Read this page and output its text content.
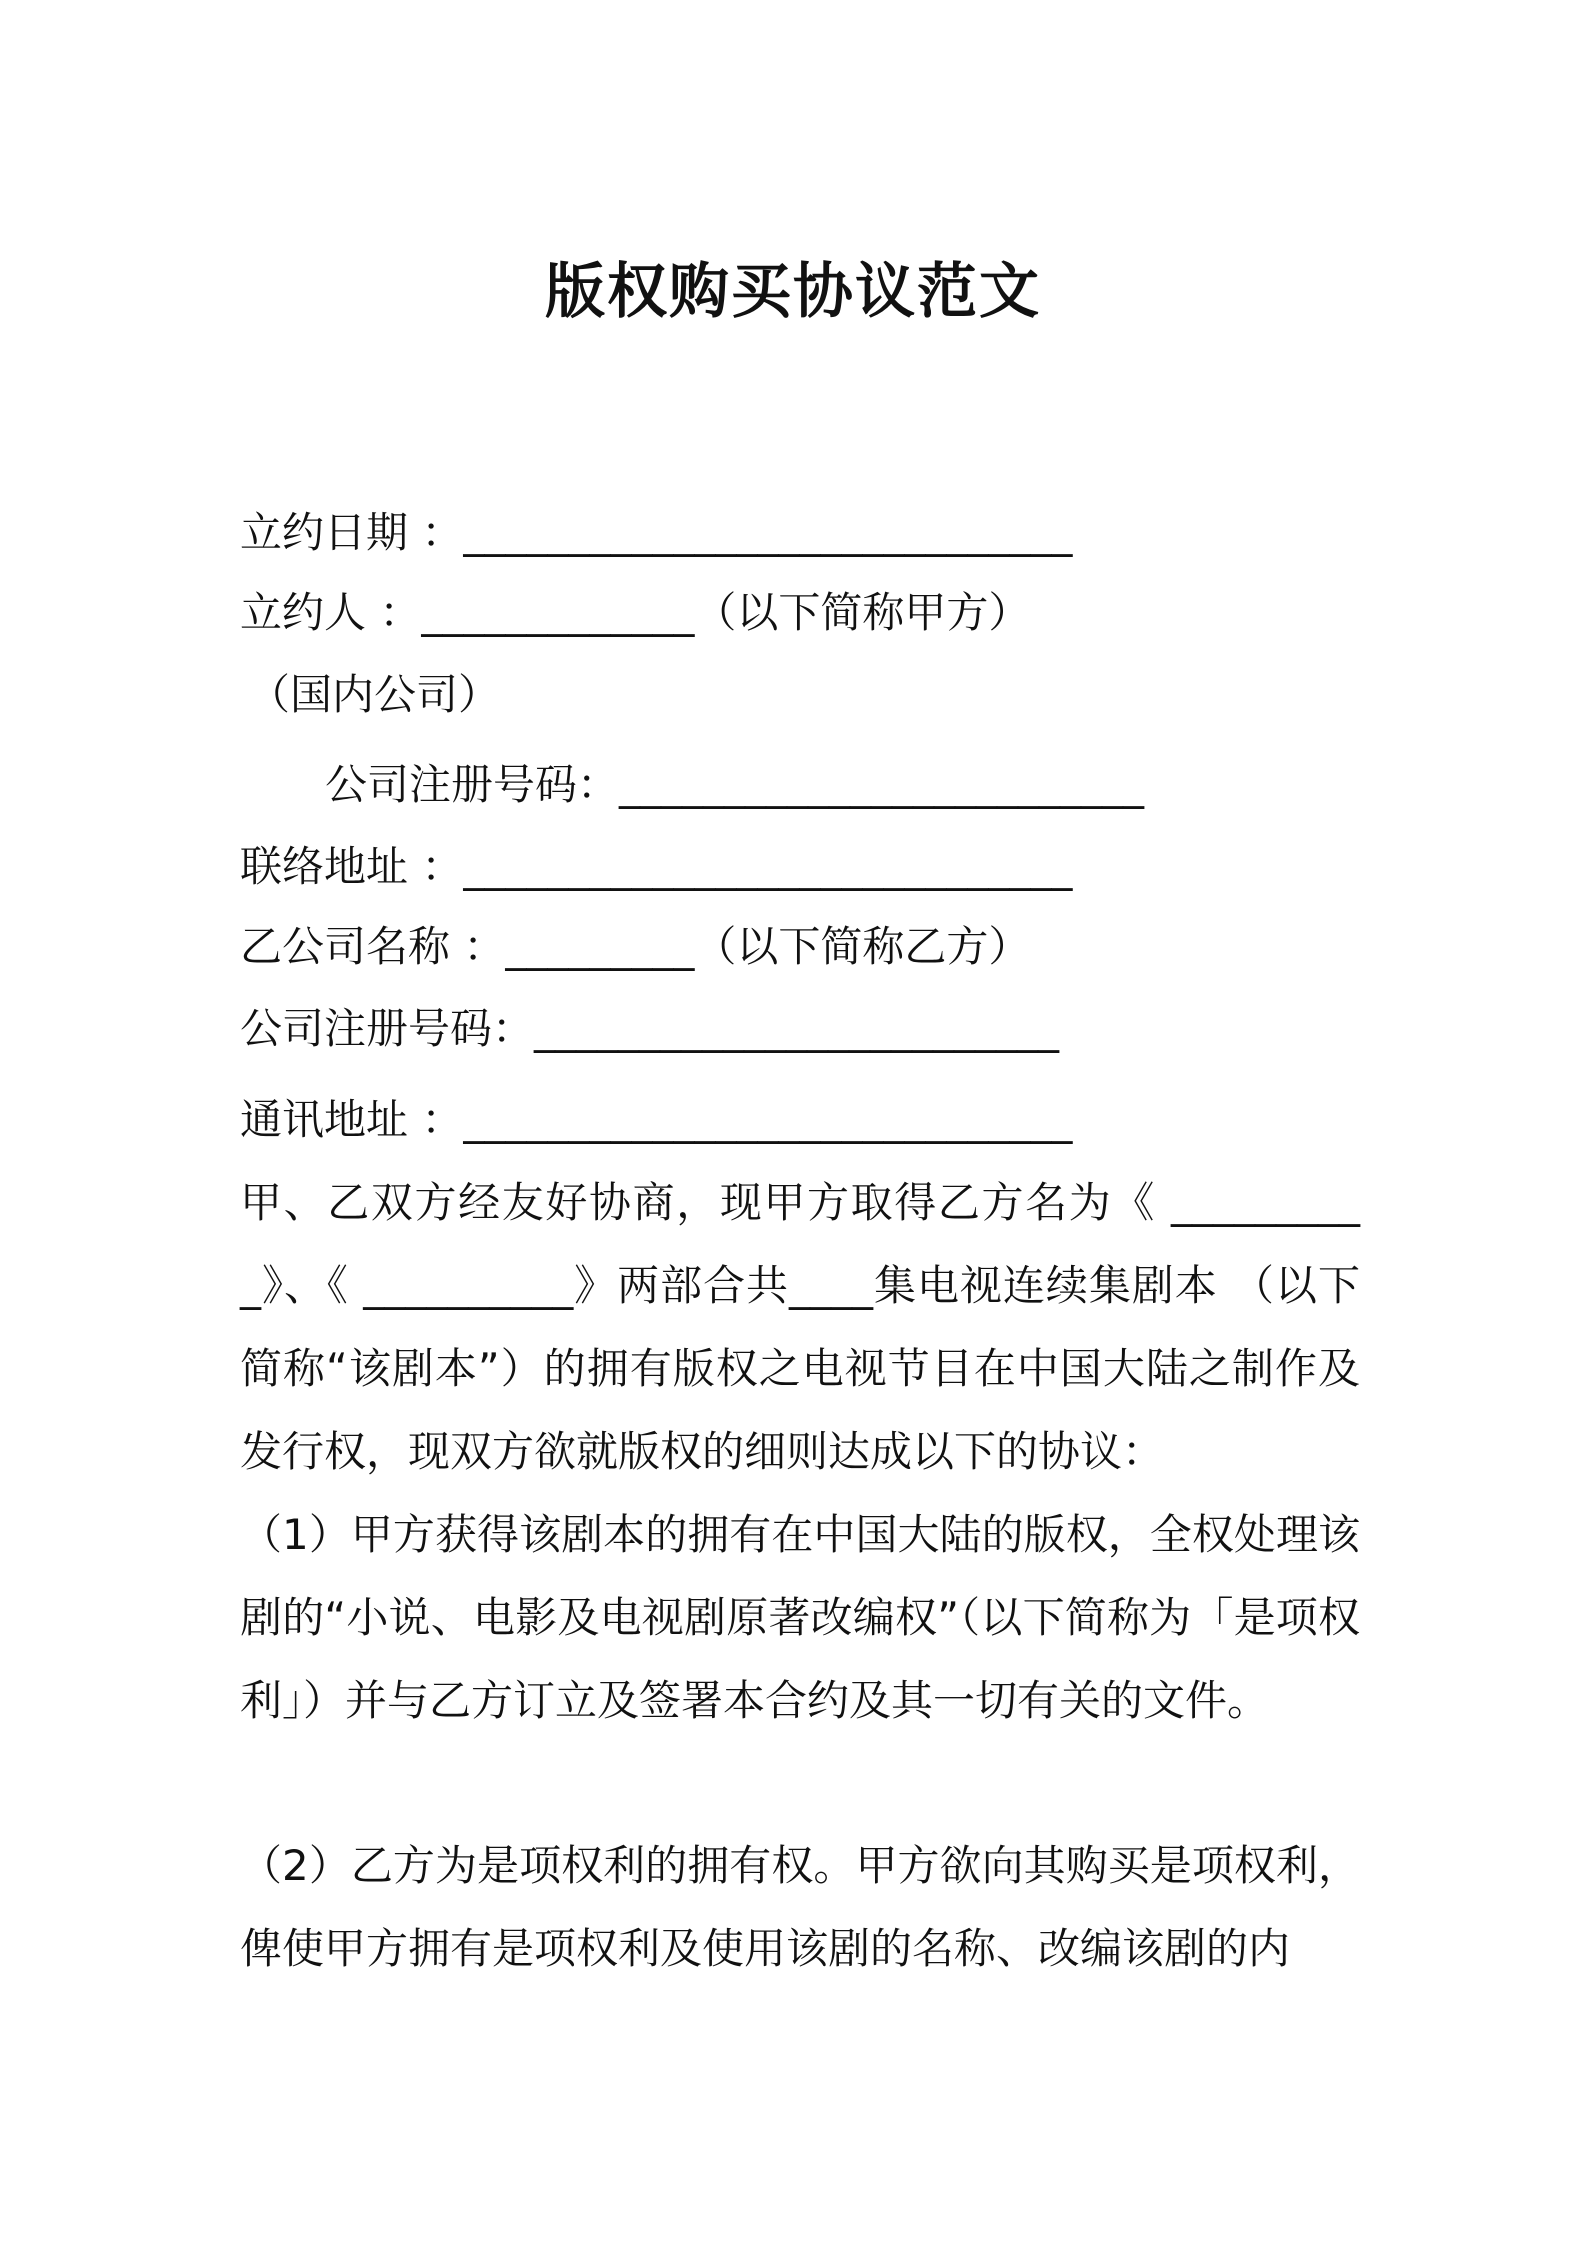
版权购买协议范文
立约日期 ：_____________________________
立约人 ：_____________（以下简称甲方）
（国内公司）
公司注册号码：_________________________
联络地址 ：_____________________________
乙公司名称 ：_________（以下简称乙方）
公司注册号码：_________________________
通讯地址 ：_____________________________
甲、乙双方经友好协商，现甲方取得乙方名为《 __________》、《 __________》两部合共____集电视连续集剧本 （以下简称“该剧本”）的拥有版权之电视节目在中国大陆之制作及发行权，现双方欲就版权的细则达成以下的协议：
（1）甲方获得该剧本的拥有在中国大陆的版权，全权处理该剧的“小说、电影及电视剧原著改编权”（以下简称为「是项权利」）并与乙方订立及签署本合约及其一切有关的文件。
（2）乙方为是项权利的拥有权。甲方欲向其购买是项权利，俾使甲方拥有是项权利及使用该剧的名称、改编该剧的内
